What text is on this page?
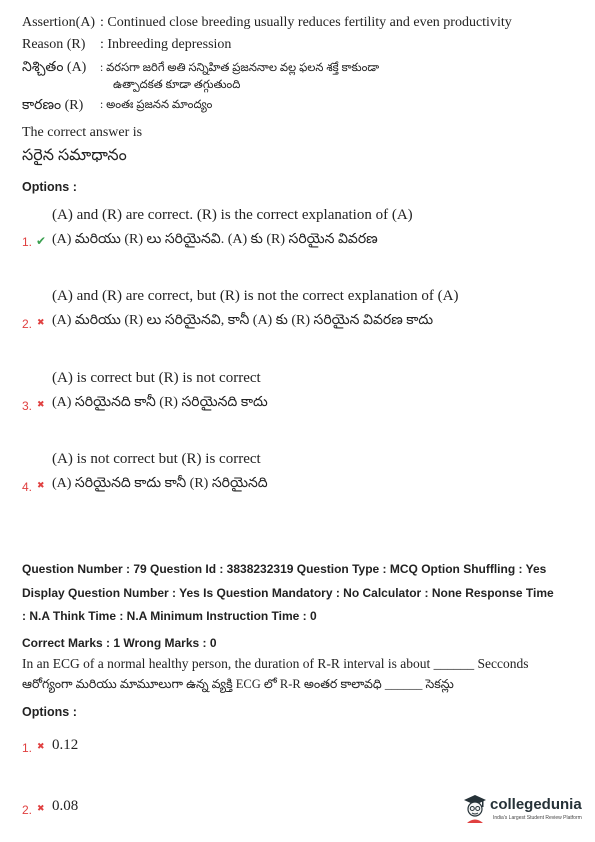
Assertion(A) : Continued close breeding usually reduces fertility and even productivity
Reason (R) : Inbreeding depression
నిశ్చితం (A) : వరసగా జరిగే అతి సన్నిహిత ప్రజననాల వల్ల ఫలన శక్తే కాకుండా
ఉత్పాదకత కూడా తగ్గుతుంది
కారణం (R) : అంతః ప్రజనన మాంద్యం
The correct answer is
సరైన సమాధానం
Options :
(A) and (R) are correct. (R) is the correct explanation of (A)
1. ✔ (A) మరియు (R) లు సరియైనవి. (A) కు (R) సరియైన వివరణ
(A) and (R) are correct, but (R) is not the correct explanation of (A)
2. ✖ (A) మరియు (R) లు సరియైనవి, కానీ (A) కు (R) సరియైన వివరణ కాదు
(A) is correct but (R) is not correct
3. ✖ (A) సరియైనది కానీ (R) సరియైనది కాదు
(A) is not correct but (R) is correct
4. ✖ (A) సరియైనది కాదు కానీ (R) సరియైనది
Question Number : 79 Question Id : 3838232319 Question Type : MCQ Option Shuffling : Yes
Display Question Number : Yes Is Question Mandatory : No Calculator : None Response Time
: N.A Think Time : N.A Minimum Instruction Time : 0
Correct Marks : 1 Wrong Marks : 0
In an ECG of a normal healthy person, the duration of R-R interval is about ______ Secconds
ఆరోగ్యంగా మరియు మామూలుగా ఉన్న వ్యక్తి ECG లో R-R అంతర కాలావధి ______ సెకన్లు
Options :
1. ✖ 0.12
2. ✖ 0.08	collegedunia
India's Largest Student Review Platform
